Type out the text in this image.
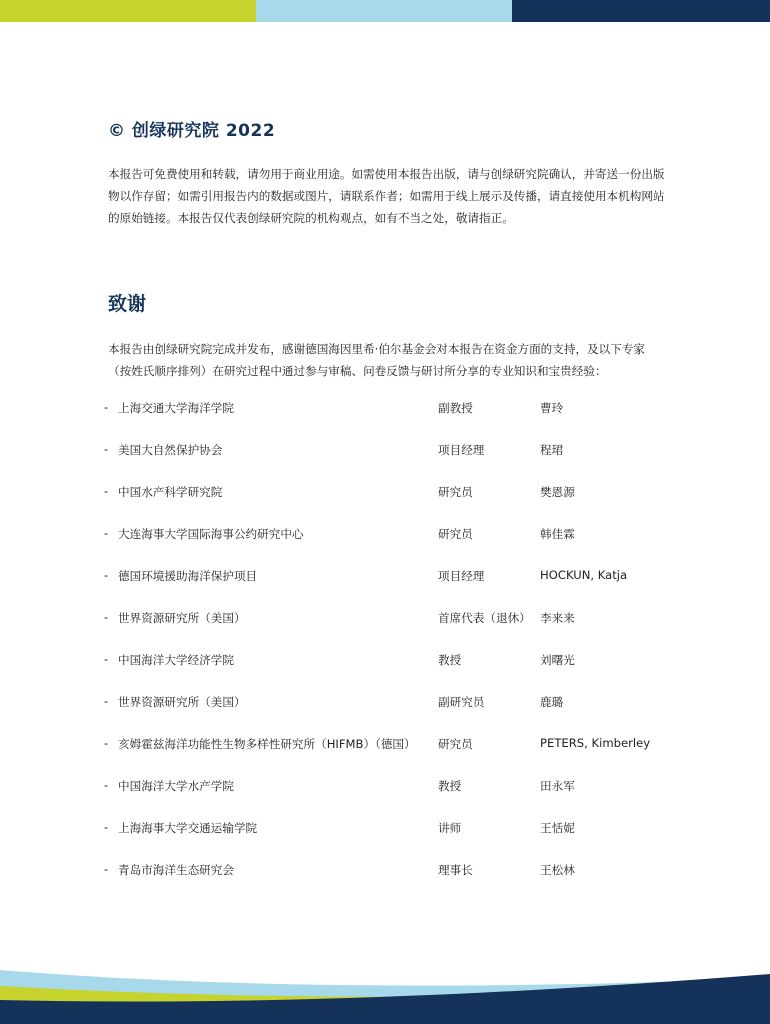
© 创绿研究院 2022

本报告可免费使用和转载，请勿用于商业用途。如需使用本报告出版，请与创绿研究院确认，并寄送一份出版物以作存留；如需引用报告内的数据或图片，请联系作者；如需用于线上展示及传播，请直接使用本机构网站的原始链接。本报告仅代表创绿研究院的机构观点，如有不当之处，敬请指正。

致谢

本报告由创绿研究院完成并发布，感谢德国海因里希·伯尔基金会对本报告在资金方面的支持，及以下专家（按姓氏顺序排列）在研究过程中通过参与审稿、问卷反馈与研讨所分享的专业知识和宝贵经验：

- 上海交通大学海洋学院	副教授	曹玲
- 美国大自然保护协会	项目经理	程珺
- 中国水产科学研究院	研究员	樊恩源
- 大连海事大学国际海事公约研究中心	研究员	韩佳霖
- 德国环境援助海洋保护项目	项目经理	HOCKUN, Katja
- 世界资源研究所（美国）	首席代表（退休） 李来来
- 中国海洋大学经济学院	教授	刘曙光
- 世界资源研究所（美国）	副研究员	鹿璐
- 亥姆霍兹海洋功能性生物多样性研究所（HIFMB）（德国） 研究员	PETERS, Kimberley
- 中国海洋大学水产学院	教授	田永军
- 上海海事大学交通运输学院	讲师	王恬妮
- 青岛市海洋生态研究会	理事长	王松林
